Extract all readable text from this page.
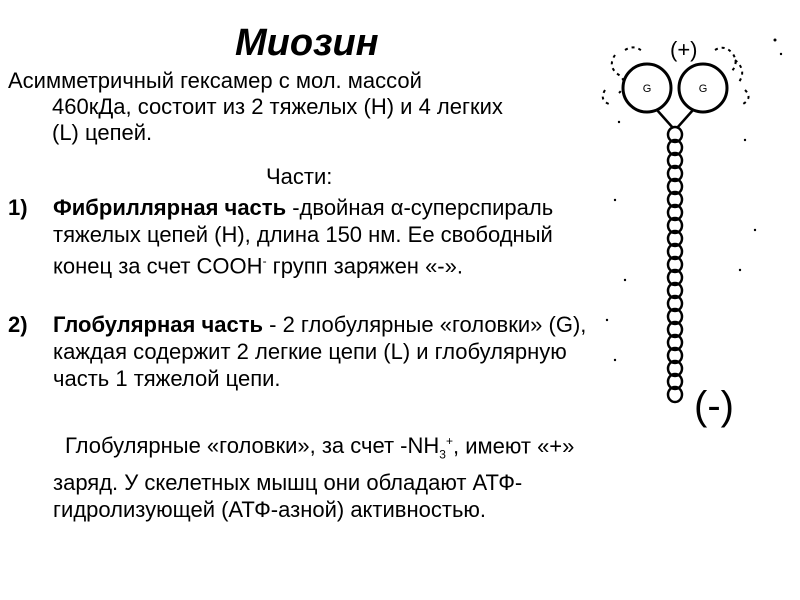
Миозин
Асимметричный гексамер с мол. массой
460кДа, состоит из 2 тяжелых (H) и 4 легких
(L) цепей.
Части:
1) Фибриллярная часть -двойная α-суперспираль тяжелых цепей (H), длина 150 нм. Ее свободный конец за счет COOH- групп заряжен «-».
2) Глобулярная часть - 2 глобулярные «головки» (G), каждая содержит 2 легкие цепи (L) и глобулярную часть 1 тяжелой цепи.
Глобулярные «головки», за счет $-NH_3^+$, имеют «+» заряд. У скелетных мышц они обладают АТФ-гидролизующей (АТФ-азной) активностью.
(+)
(-)
G	G
